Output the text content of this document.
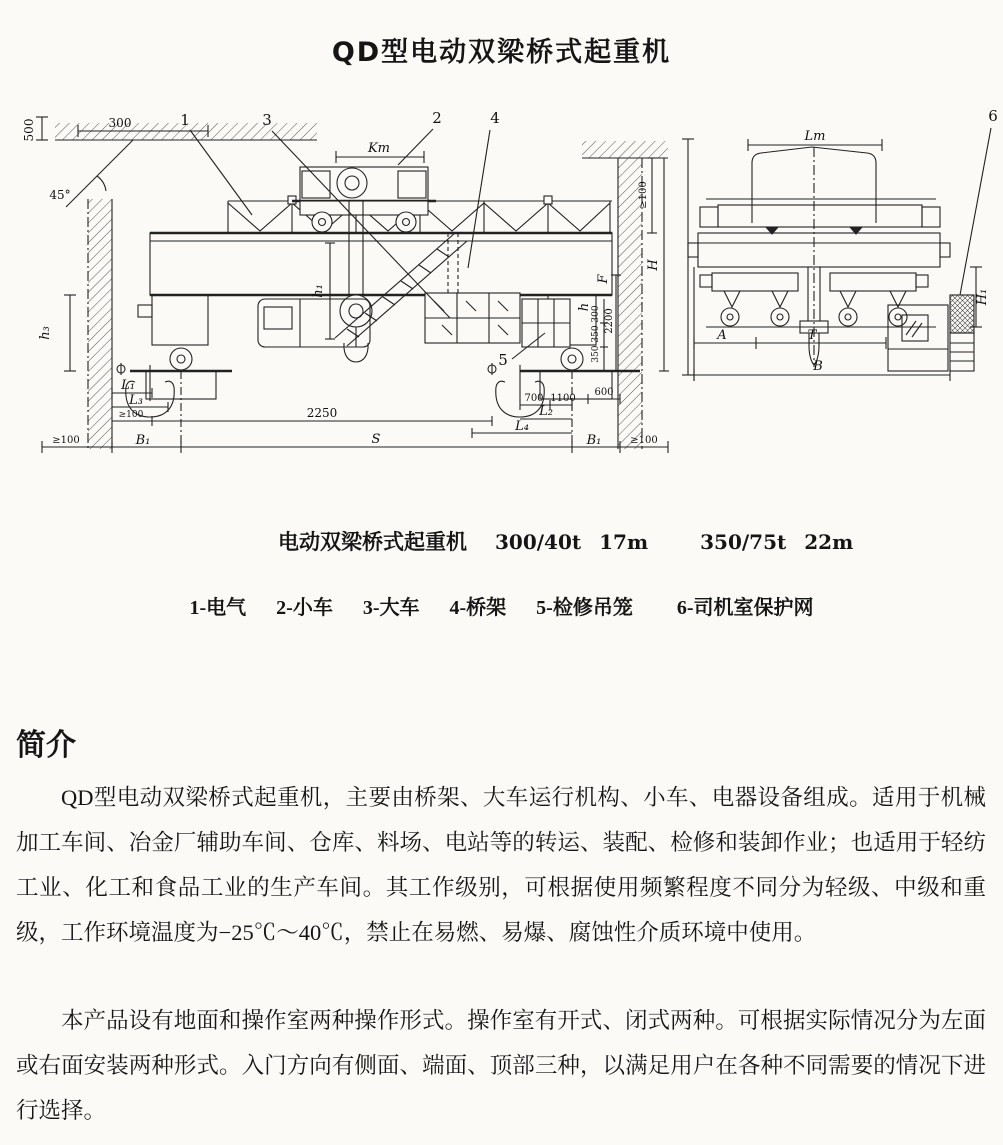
QD型电动双梁桥式起重机
500	300
45°
1	3	2	4
5
6
Kт
h₁
h₃
≥100
H
F
350 350 300 2200
h
L₁
L₃
≥100	2250
≥100	B₁	S	B₁	≥100
600
700 1100
L₂
L₄
Lт
H₁
A	T
B
电动双梁桥式起重机 300/40t 17m	350/75t 22m
1-电气 2-小车 3-大车 4-桥架 5-检修吊笼 6-司机室保护网
简介

QD型电动双梁桥式起重机，主要由桥架、大车运行机构、小车、电器设备组成。适用于机械加工车间、冶金厂辅助车间、仓库、料场、电站等的转运、装配、检修和装卸作业；也适用于轻纺工业、化工和食品工业的生产车间。其工作级别，可根据使用频繁程度不同分为轻级、中级和重级，工作环境温度为−25℃～40℃，禁止在易燃、易爆、腐蚀性介质环境中使用。

本产品设有地面和操作室两种操作形式。操作室有开式、闭式两种。可根据实际情况分为左面或右面安装两种形式。入门方向有侧面、端面、顶部三种，以满足用户在各种不同需要的情况下进行选择。
